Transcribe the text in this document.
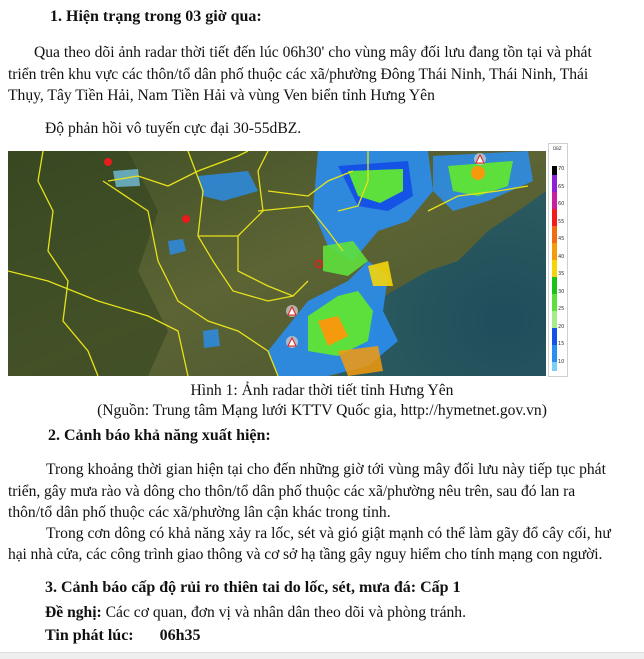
1. Hiện trạng trong 03 giờ qua:
Qua theo dõi ảnh radar thời tiết đến lúc 06h30' cho vùng mây đối lưu đang tồn tại và phát
triển trên khu vực các thôn/tổ dân phố thuộc các xã/phường Đông Thái Ninh, Thái Ninh, Thái
Thụy, Tây Tiền Hải, Nam Tiền Hải và vùng Ven biển tỉnh Hưng Yên
Độ phản hồi vô tuyến cực đại 30-55dBZ.
DBZ
70
65
60
55
45
40
35
30
25
20
15
10
Hình 1: Ảnh radar thời tiết tỉnh Hưng Yên
(Nguồn: Trung tâm Mạng lưới KTTV Quốc gia, http://hymetnet.gov.vn)
2. Cảnh báo khả năng xuất hiện:
Trong khoảng thời gian hiện tại cho đến những giờ tới vùng mây đối lưu này tiếp tục phát
triển, gây mưa rào và dông cho thôn/tổ dân phố thuộc các xã/phường nêu trên, sau đó lan ra
thôn/tổ dân phố thuộc các xã/phường lân cận khác trong tỉnh.
Trong cơn dông có khả năng xảy ra lốc, sét và gió giật mạnh có thể làm gãy đổ cây cối, hư
hại nhà cửa, các công trình giao thông và cơ sở hạ tầng gây nguy hiểm cho tính mạng con người.
3. Cảnh báo cấp độ rủi ro thiên tai do lốc, sét, mưa đá: Cấp 1
Đề nghị: Các cơ quan, đơn vị và nhân dân theo dõi và phòng tránh.
Tin phát lúc: 06h35
